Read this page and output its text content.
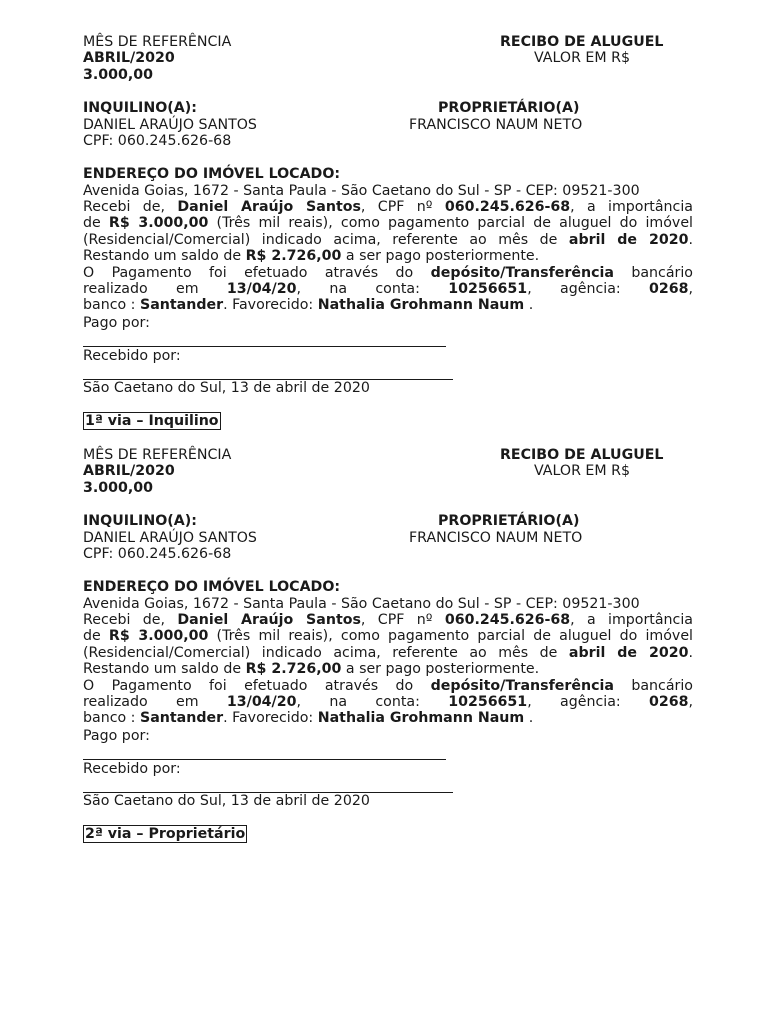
MÊS DE REFERÊNCIA	RECIBO DE ALUGUEL
ABRIL/2020	VALOR EM R$
3.000,00
INQUILINO(A):	PROPRIETÁRIO(A)
DANIEL ARAÚJO SANTOS	FRANCISCO NAUM NETO
CPF: 060.245.626-68
ENDEREÇO DO IMÓVEL LOCADO:
Avenida Goias, 1672 - Santa Paula - São Caetano do Sul - SP - CEP: 09521-300
Recebi de, Daniel Araújo Santos, CPF nº 060.245.626-68, a importância
de R$ 3.000,00 (Três mil reais), como pagamento parcial de aluguel do imóvel
(Residencial/Comercial) indicado acima, referente ao mês de abril de 2020.
Restando um saldo de R$ 2.726,00 a ser pago posteriormente.
O Pagamento foi efetuado através do depósito/Transferência bancário
realizado em 13/04/20, na conta: 10256651, agência: 0268,
banco : Santander. Favorecido: Nathalia Grohmann Naum .
Pago por:
Recebido por:
São Caetano do Sul, 13 de abril de 2020
1ª via – Inquilino
MÊS DE REFERÊNCIA	RECIBO DE ALUGUEL
ABRIL/2020	VALOR EM R$
3.000,00
INQUILINO(A):	PROPRIETÁRIO(A)
DANIEL ARAÚJO SANTOS	FRANCISCO NAUM NETO
CPF: 060.245.626-68
ENDEREÇO DO IMÓVEL LOCADO:
Avenida Goias, 1672 - Santa Paula - São Caetano do Sul - SP - CEP: 09521-300
Recebi de, Daniel Araújo Santos, CPF nº 060.245.626-68, a importância
de R$ 3.000,00 (Três mil reais), como pagamento parcial de aluguel do imóvel
(Residencial/Comercial) indicado acima, referente ao mês de abril de 2020.
Restando um saldo de R$ 2.726,00 a ser pago posteriormente.
O Pagamento foi efetuado através do depósito/Transferência bancário
realizado em 13/04/20, na conta: 10256651, agência: 0268,
banco : Santander. Favorecido: Nathalia Grohmann Naum .
Pago por:
Recebido por:
São Caetano do Sul, 13 de abril de 2020
2ª via – Proprietário
